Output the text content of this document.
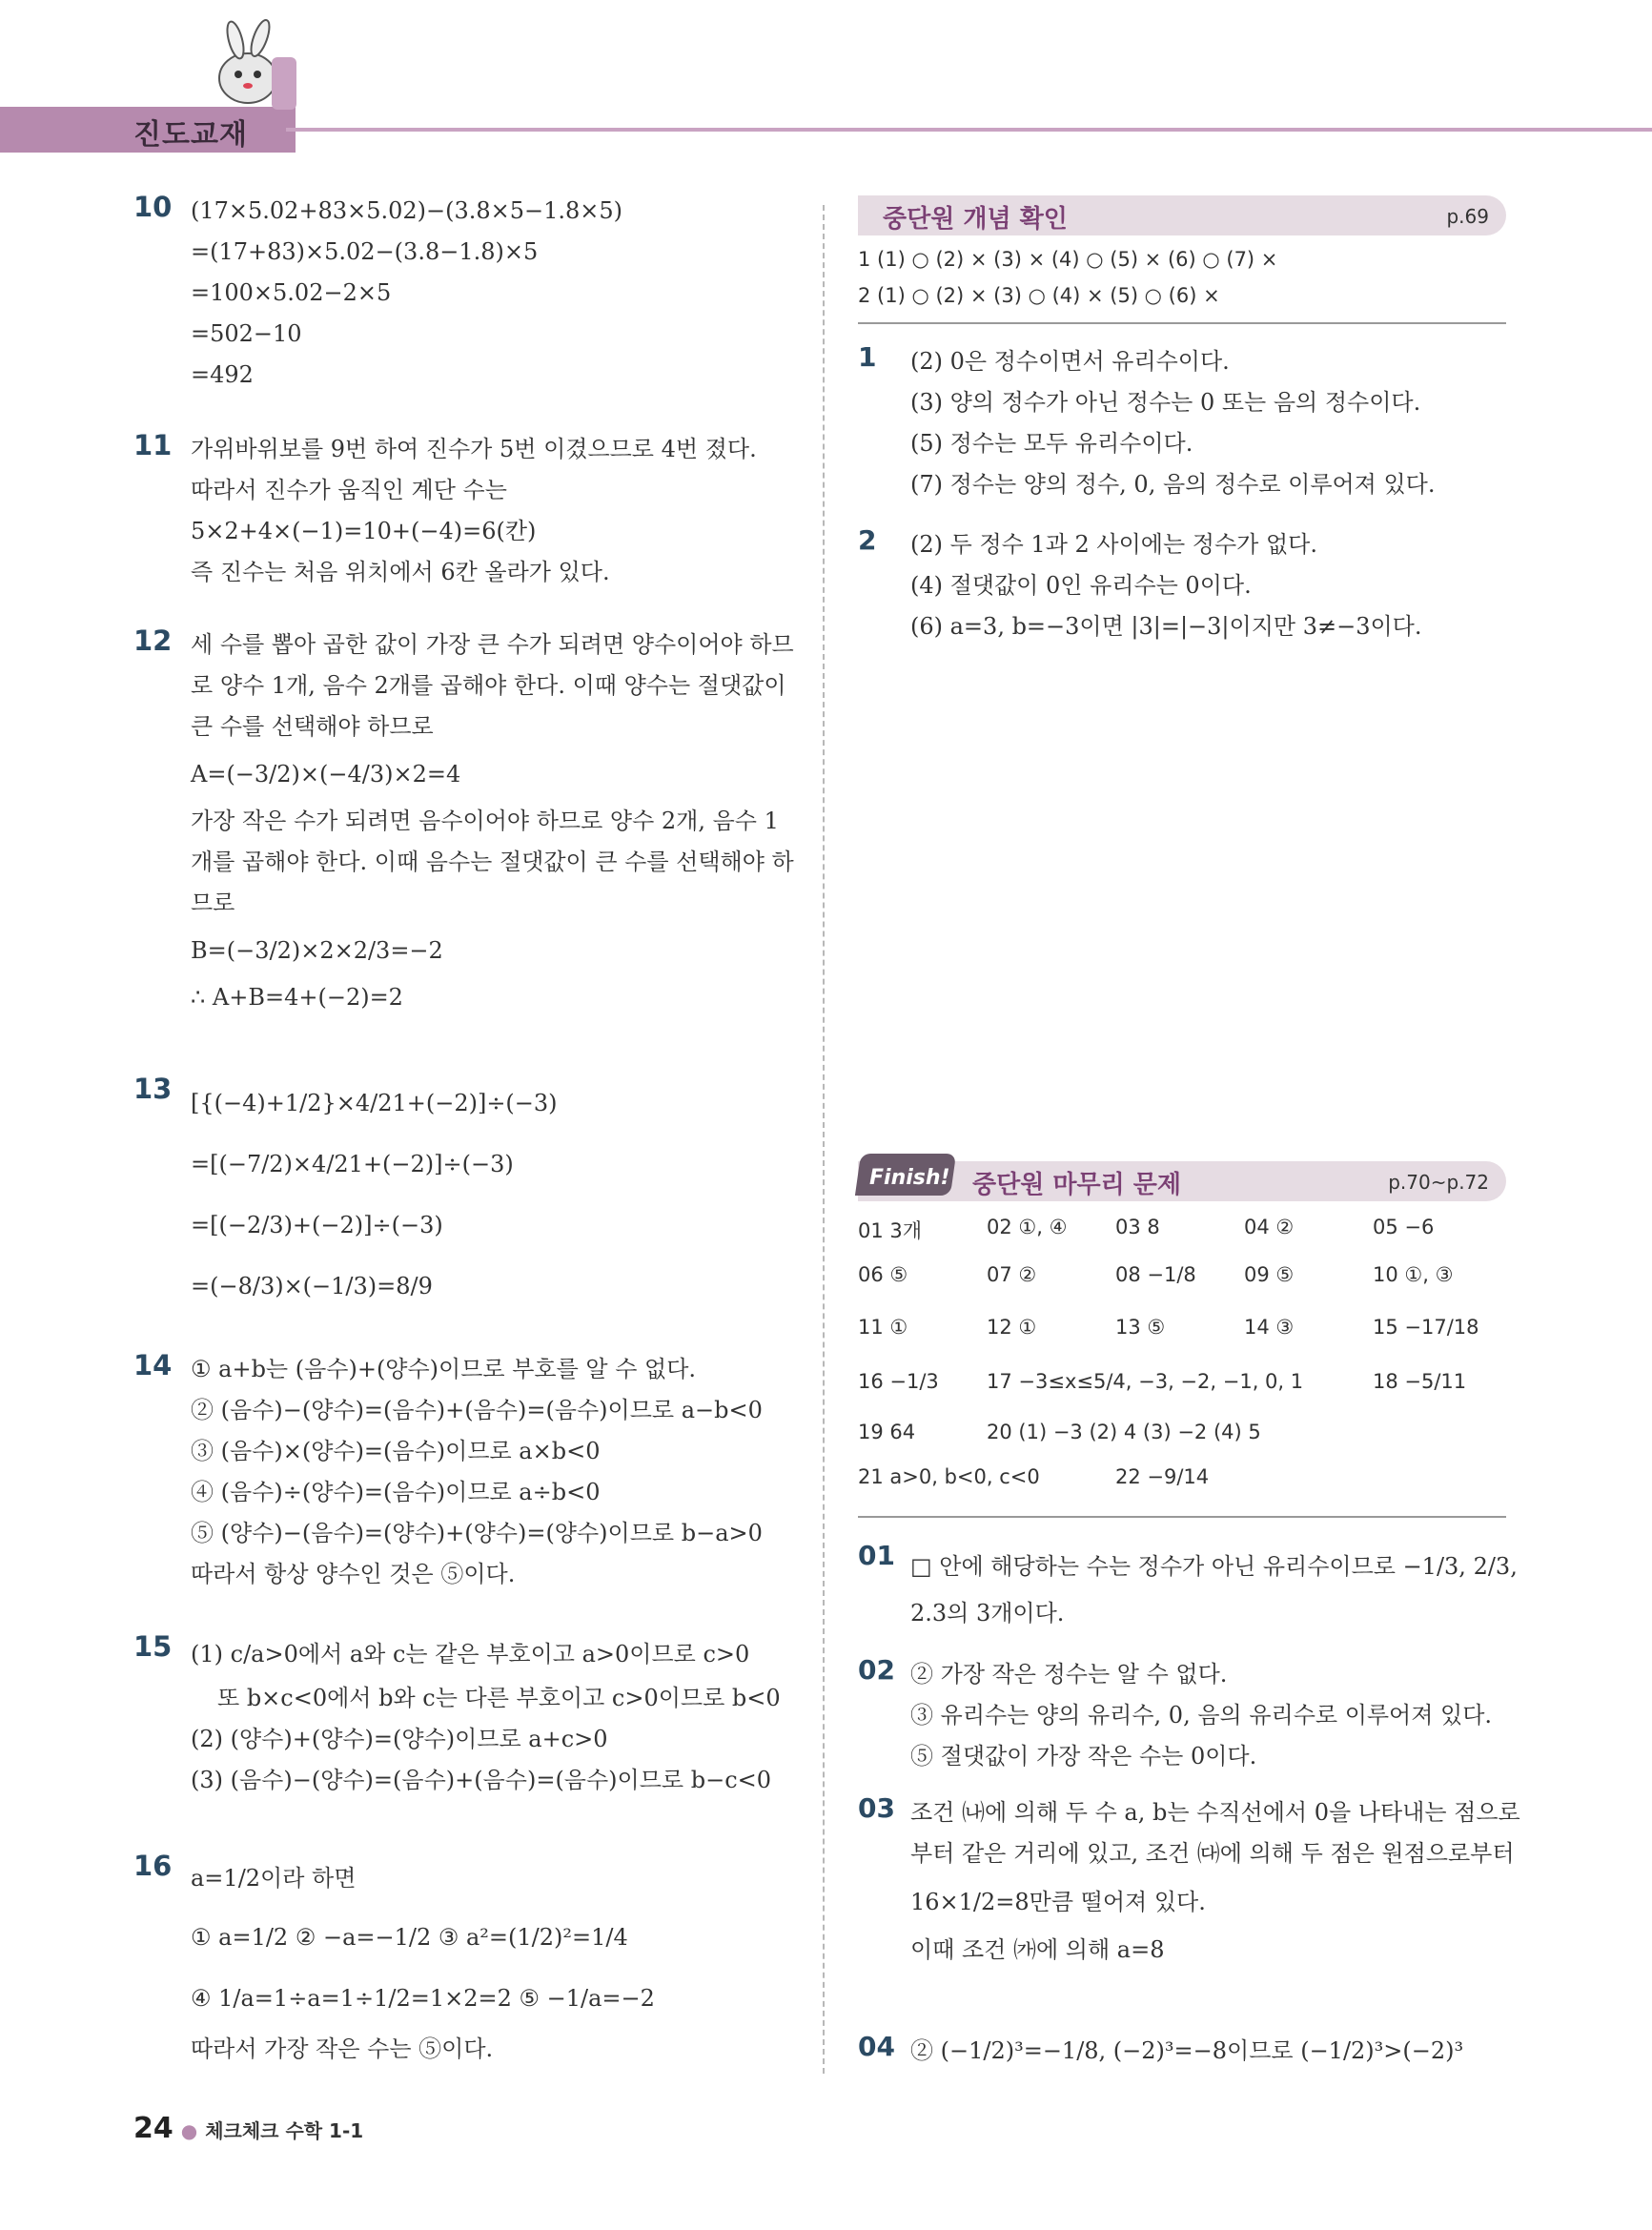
진도교재
10 (17×5.02+83×5.02)−(3.8×5−1.8×5)
=(17+83)×5.02−(3.8−1.8)×5
=100×5.02−2×5
=502−10
=492
11 가위바위보를 9번 하여 진수가 5번 이겼으므로 4번 졌다.
따라서 진수가 움직인 계단 수는
5×2+4×(−1)=10+(−4)=6(칸)
즉 진수는 처음 위치에서 6칸 올라가 있다.
12 세 수를 뽑아 곱한 값이 가장 큰 수가 되려면 양수이어야 하므
로 양수 1개, 음수 2개를 곱해야 한다. 이때 양수는 절댓값이
큰 수를 선택해야 하므로
A=(−3/2)×(−4/3)×2=4
가장 작은 수가 되려면 음수이어야 하므로 양수 2개, 음수 1
개를 곱해야 한다. 이때 음수는 절댓값이 큰 수를 선택해야 하
므로
B=(−3/2)×2×2/3=−2
∴ A+B=4+(−2)=2
13 [{(−4)+1/2}×4/21+(−2)]÷(−3)
=[(−7/2)×4/21+(−2)]÷(−3)
=[(−2/3)+(−2)]÷(−3)
=(−8/3)×(−1/3)=8/9
14 ① a+b는 (음수)+(양수)이므로 부호를 알 수 없다.
② (음수)−(양수)=(음수)+(음수)=(음수)이므로 a−b<0
③ (음수)×(양수)=(음수)이므로 a×b<0
④ (음수)÷(양수)=(음수)이므로 a÷b<0
⑤ (양수)−(음수)=(양수)+(양수)=(양수)이므로 b−a>0
따라서 항상 양수인 것은 ⑤이다.
15 (1) c/a>0에서 a와 c는 같은 부호이고 a>0이므로 c>0
또 b×c<0에서 b와 c는 다른 부호이고 c>0이므로 b<0
(2) (양수)+(양수)=(양수)이므로 a+c>0
(3) (음수)−(양수)=(음수)+(음수)=(음수)이므로 b−c<0
16 a=1/2이라 하면
① a=1/2 ② −a=−1/2 ③ a²=(1/2)²=1/4
④ 1/a=1÷a=1÷1/2=1×2=2 ⑤ −1/a=−2
따라서 가장 작은 수는 ⑤이다.
중단원 개념 확인	p.69
1 (1) ○ (2) × (3) × (4) ○ (5) × (6) ○ (7) ×
2 (1) ○ (2) × (3) ○ (4) × (5) ○ (6) ×
1 (2) 0은 정수이면서 유리수이다.
(3) 양의 정수가 아닌 정수는 0 또는 음의 정수이다.
(5) 정수는 모두 유리수이다.
(7) 정수는 양의 정수, 0, 음의 정수로 이루어져 있다.
2 (2) 두 정수 1과 2 사이에는 정수가 없다.
(4) 절댓값이 0인 유리수는 0이다.
(6) a=3, b=−3이면 |3|=|−3|이지만 3≠−3이다.
중단원 마무리 문제	p.70~p.72
Finish!
01 3개	02 ①, ④ 03 8	04 ②	05 −6
06 ⑤	07 ②	08 −1/8 09 ⑤	10 ①, ③
11 ①	12 ①	13 ⑤	14 ③	15 −17/18
16 −1/3 17 −3≤x≤5/4, −3, −2, −1, 0, 1	18 −5/11
19 64	20 (1) −3 (2) 4 (3) −2 (4) 5
21 a>0, b<0, c<0	22 −9/14
01 □ 안에 해당하는 수는 정수가 아닌 유리수이므로 −1/3, 2/3,
2.3의 3개이다.
02 ② 가장 작은 정수는 알 수 없다.
③ 유리수는 양의 유리수, 0, 음의 유리수로 이루어져 있다.
⑤ 절댓값이 가장 작은 수는 0이다.
03 조건 ㈏에 의해 두 수 a, b는 수직선에서 0을 나타내는 점으로
부터 같은 거리에 있고, 조건 ㈐에 의해 두 점은 원점으로부터
16×1/2=8만큼 떨어져 있다.
이때 조건 ㈎에 의해 a=8
04 ② (−1/2)³=−1/8, (−2)³=−8이므로 (−1/2)³>(−2)³
24 ● 체크체크 수학 1-1
